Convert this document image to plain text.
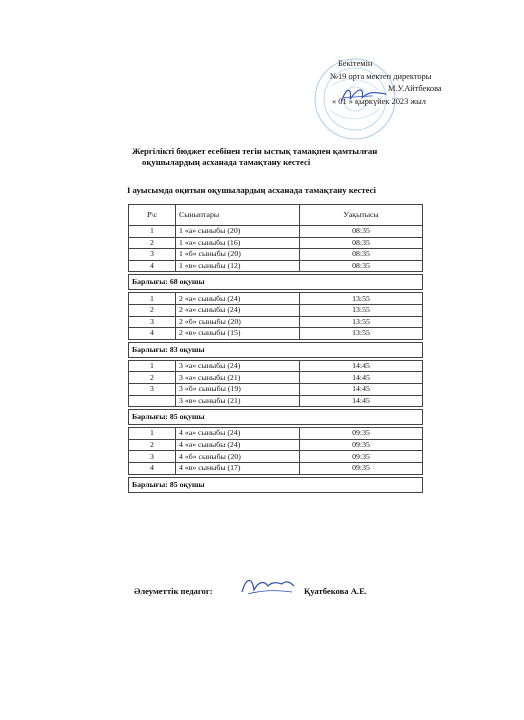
Бекітемін
№19 орта мектеп директоры
М.У.Айтбекова
« 01 » қыркүйек 2023 жыл
Жергілікті бюджет есебінен тегін ыстық тамақпен қамтылған
оқушылардың асханада тамақтану кестесі
I ауысымда оқитын оқушылардың асханада тамақтану кестесі
Р\с	Сыныптары	Уақытысы
1	1 «а» сыныбы (20)	08:35
2	1 «ә» сыныбы (16)	08:35
3	1 «б» сыныбы (20)	08:35
4	1 «в» сыныбы (12)	08:35

Барлығы: 68 оқушы		

1	2 «а» сыныбы (24)	13:55
2	2 «ә» сыныбы (24)	13:55
3	2 «б» сыныбы (20)	13:55
4	2 «в» сыныбы (15)	13:55

Барлығы: 83 оқушы		

1	3 «а» сыныбы (24)	14:45
2	3 «ә» сыныбы (21)	14:45
3	3 «б» сыныбы (19)	14:45
	3 «в» сыныбы (21)	14:45

Барлығы: 85 оқушы		

1	4 «а» сыныбы (24)	09:35
2	4 «ә» сыныбы (24)	09:35
3	4 «б» сыныбы (20)	09:35
4	4 «в» сыныбы (17)	09:35

Барлығы: 85 оқушы		
Әлеуметтік педагог:	Қуатбекова А.Е.
